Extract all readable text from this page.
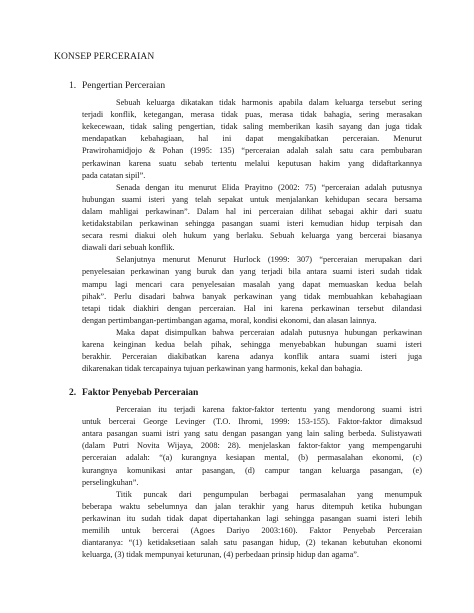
KONSEP PERCERAIAN
1. Pengertian Perceraian
Sebuah keluarga dikatakan tidak harmonis apabila dalam keluarga tersebut sering
terjadi konflik, ketegangan, merasa tidak puas, merasa tidak bahagia, sering merasakan
kekecewaan, tidak saling pengertian, tidak saling memberikan kasih sayang dan juga tidak
mendapatkan kebahagiaan, hal ini dapat mengakibatkan perceraian. Menurut
Prawirohamidjojo & Pohan (1995: 135) “perceraian adalah salah satu cara pembubaran
perkawinan karena suatu sebab tertentu melalui keputusan hakim yang didaftarkannya
pada catatan sipil”.
Senada dengan itu menurut Elida Prayitno (2002: 75) “perceraian adalah putusnya
hubungan suami isteri yang telah sepakat untuk menjalankan kehidupan secara bersama
dalam mahligai perkawinan”. Dalam hal ini perceraian dilihat sebagai akhir dari suatu
ketidakstabilan perkawinan sehingga pasangan suami isteri kemudian hidup terpisah dan
secara resmi diakui oleh hukum yang berlaku. Sebuah keluarga yang bercerai biasanya
diawali dari sebuah konflik.
Selanjutnya menurut Menurut Hurlock (1999: 307) “perceraian merupakan dari
penyelesaian perkawinan yang buruk dan yang terjadi bila antara suami isteri sudah tidak
mampu lagi mencari cara penyelesaian masalah yang dapat memuaskan kedua belah
pihak”. Perlu disadari bahwa banyak perkawinan yang tidak membuahkan kebahagiaan
tetapi tidak diakhiri dengan perceraian. Hal ini karena perkawinan tersebut dilandasi
dengan pertimbangan-pertimbangan agama, moral, kondisi ekonomi, dan alasan lainnya.
Maka dapat disimpulkan bahwa perceraian adalah putusnya hubungan perkawinan
karena keinginan kedua belah pihak, sehingga menyebabkan hubungan suami isteri
berakhir. Perceraian diakibatkan karena adanya konflik antara suami isteri juga
dikarenakan tidak tercapainya tujuan perkawinan yang harmonis, kekal dan bahagia.
2. Faktor Penyebab Perceraian
Perceraian itu terjadi karena faktor-faktor tertentu yang mendorong suami istri
untuk bercerai George Levinger (T.O. Ihromi, 1999: 153-155). Faktor-faktor dimaksud
antara pasangan suami istri yang satu dengan pasangan yang lain saling berbeda. Sulistyawati
(dalam Putri Novita Wijaya, 2008: 28). menjelaskan faktor-faktor yang mempengaruhi
perceraian adalah: “(a) kurangnya kesiapan mental, (b) permasalahan ekonomi, (c)
kurangnya komunikasi antar pasangan, (d) campur tangan keluarga pasangan, (e)
perselingkuhan”.
Titik puncak dari pengumpulan berbagai permasalahan yang menumpuk
beberapa waktu sebelumnya dan jalan terakhir yang harus ditempuh ketika hubungan
perkawinan itu sudah tidak dapat dipertahankan lagi sehingga pasangan suami isteri lebih
memilih untuk bercerai (Agoes Dariyo 2003:160). Faktor Penyebab Perceraian
diantaranya: “(1) ketidaksetiaan salah satu pasangan hidup, (2) tekanan kebutuhan ekonomi
keluarga, (3) tidak mempunyai keturunan, (4) perbedaan prinsip hidup dan agama”.
